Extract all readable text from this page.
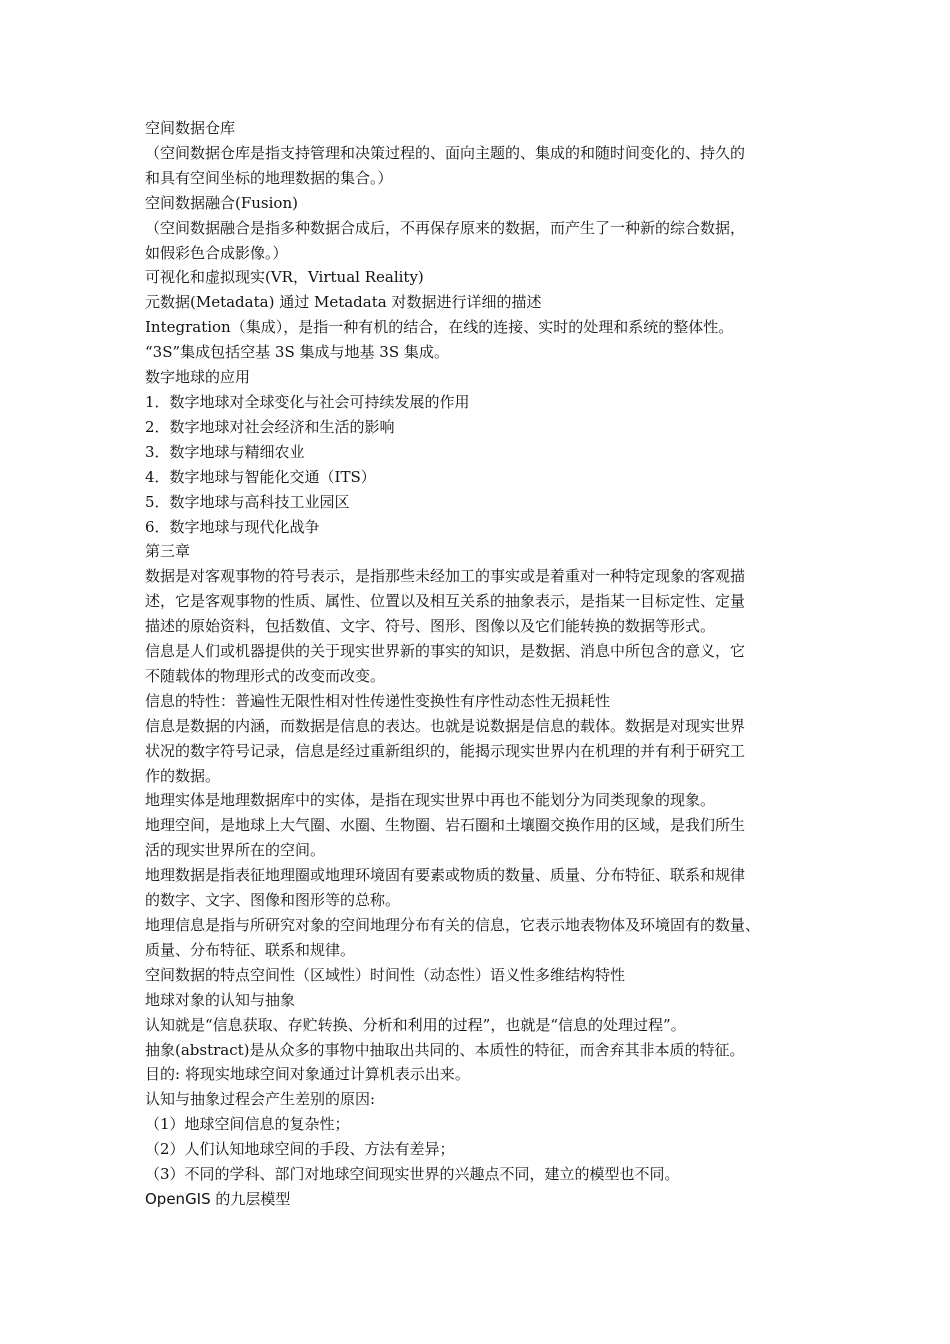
空间数据仓库
（空间数据仓库是指支持管理和决策过程的、面向主题的、集成的和随时间变化的、持久的
和具有空间坐标的地理数据的集合。）
空间数据融合(Fusion)
（空间数据融合是指多种数据合成后，不再保存原来的数据，而产生了一种新的综合数据，
如假彩色合成影像。）
可视化和虚拟现实(VR，Virtual Reality)
元数据(Metadata) 通过 Metadata 对数据进行详细的描述
Integration（集成），是指一种有机的结合，在线的连接、实时的处理和系统的整体性。
“3S”集成包括空基 3S 集成与地基 3S 集成。
数字地球的应用
1．数字地球对全球变化与社会可持续发展的作用
2．数字地球对社会经济和生活的影响
3．数字地球与精细农业
4．数字地球与智能化交通（ITS）
5．数字地球与高科技工业园区
6．数字地球与现代化战争
第三章
数据是对客观事物的符号表示，是指那些未经加工的事实或是着重对一种特定现象的客观描
述，它是客观事物的性质、属性、位置以及相互关系的抽象表示，是指某一目标定性、定量
描述的原始资料，包括数值、文字、符号、图形、图像以及它们能转换的数据等形式。
信息是人们或机器提供的关于现实世界新的事实的知识，是数据、消息中所包含的意义，它
不随载体的物理形式的改变而改变。
信息的特性：普遍性无限性相对性传递性变换性有序性动态性无损耗性
信息是数据的内涵，而数据是信息的表达。也就是说数据是信息的载体。数据是对现实世界
状况的数字符号记录，信息是经过重新组织的，能揭示现实世界内在机理的并有利于研究工
作的数据。
地理实体是地理数据库中的实体，是指在现实世界中再也不能划分为同类现象的现象。
地理空间，是地球上大气圈、水圈、生物圈、岩石圈和土壤圈交换作用的区域，是我们所生
活的现实世界所在的空间。
地理数据是指表征地理圈或地理环境固有要素或物质的数量、质量、分布特征、联系和规律
的数字、文字、图像和图形等的总称。
地理信息是指与所研究对象的空间地理分布有关的信息，它表示地表物体及环境固有的数量、
质量、分布特征、联系和规律。
空间数据的特点空间性（区域性）时间性（动态性）语义性多维结构特性
地球对象的认知与抽象
认知就是“信息获取、存贮转换、分析和利用的过程”，也就是“信息的处理过程”。
抽象(abstract)是从众多的事物中抽取出共同的、本质性的特征，而舍弃其非本质的特征。
目的: 将现实地球空间对象通过计算机表示出来。
认知与抽象过程会产生差别的原因:
（1）地球空间信息的复杂性；
（2）人们认知地球空间的手段、方法有差异；
（3）不同的学科、部门对地球空间现实世界的兴趣点不同，建立的模型也不同。
OpenGIS 的九层模型
